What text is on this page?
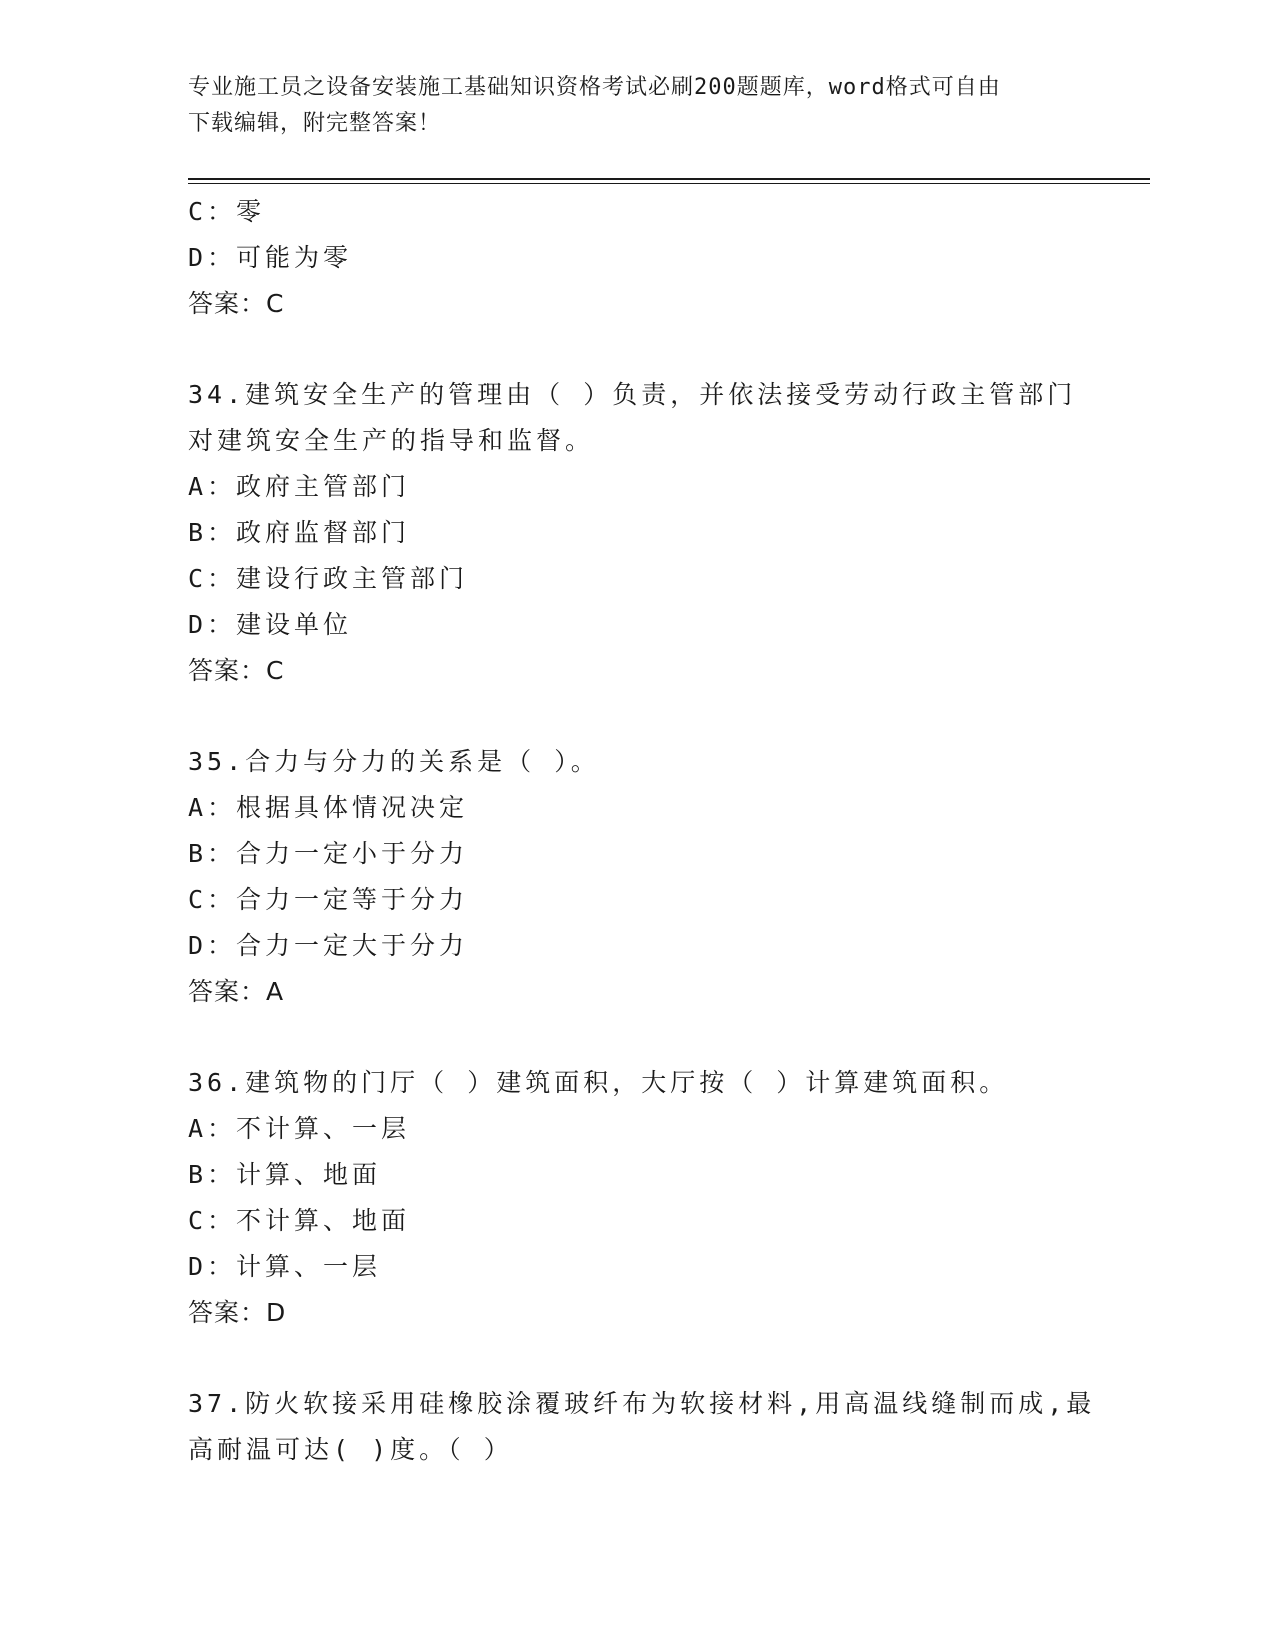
专业施工员之设备安装施工基础知识资格考试必刷200题题库，word格式可自由
下载编辑，附完整答案！
C：零
D：可能为零
答案：C
34.建筑安全生产的管理由（ ）负责，并依法接受劳动行政主管部门
对建筑安全生产的指导和监督。
A：政府主管部门
B：政府监督部门
C：建设行政主管部门
D：建设单位
答案：C
35.合力与分力的关系是（ ）。
A：根据具体情况决定
B：合力一定小于分力
C：合力一定等于分力
D：合力一定大于分力
答案：A
36.建筑物的门厅（ ）建筑面积，大厅按（ ）计算建筑面积。
A：不计算、一层
B：计算、地面
C：不计算、地面
D：计算、一层
答案：D
37.防火软接采用硅橡胶涂覆玻纤布为软接材料,用高温线缝制而成,最
高耐温可达( )度。（ ）
